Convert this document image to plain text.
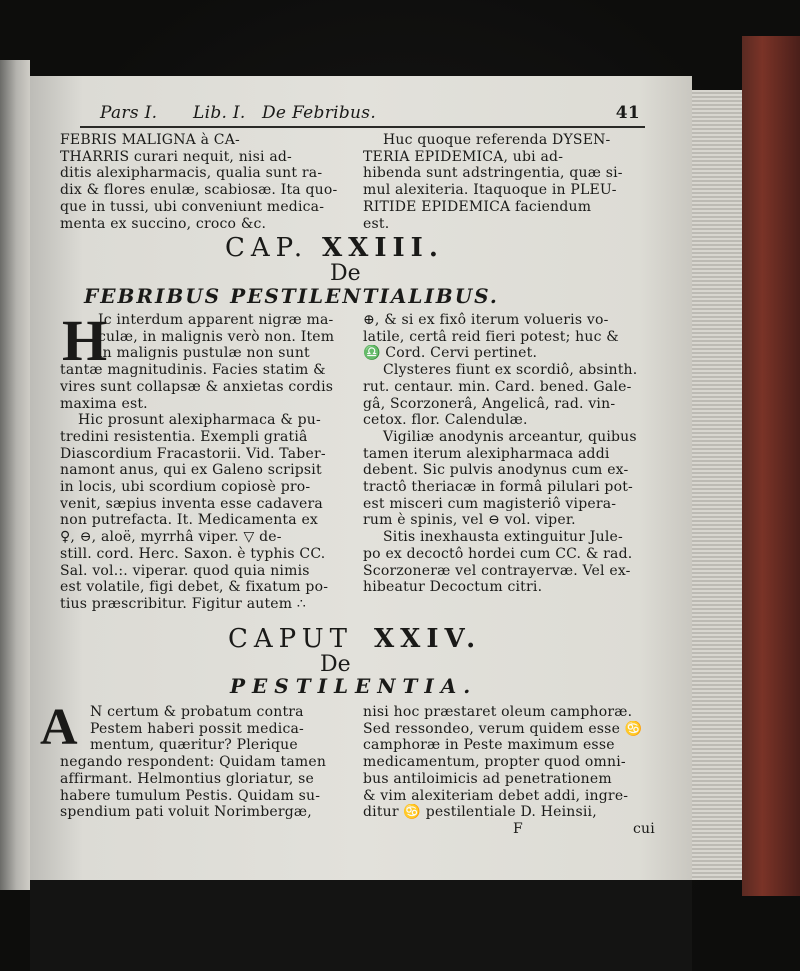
Pars I. Lib. I. De Febribus.	41
FEBRIS MALIGNA à CA-
THARRIS curari nequit, nisi ad-
ditis alexipharmacis, qualia sunt ra-
dix & flores enulæ, scabiosæ. Ita quo-
que in tussi, ubi conveniunt medica-
menta ex succino, croco &c.
Huc quoque referenda DYSEN-
TERIA EPIDEMICA, ubi ad-
hibenda sunt adstringentia, quæ si-
mul alexiteria. Itaquoque in PLEU-
RITIDE EPIDEMICA faciendum
est.
CAP. XXIII.
De
FEBRIBUS PESTILENTIALIBUS.
H
Ic interdum apparent nigræ ma-
culæ, in malignis verò non. Item
in malignis pustulæ non sunt
tantæ magnitudinis. Facies statim &
vires sunt collapsæ & anxietas cordis
maxima est.
Hic prosunt alexipharmaca & pu-
tredini resistentia. Exempli gratiâ
Diascordium Fracastorii. Vid. Taber-
namont anus, qui ex Galeno scripsit
in locis, ubi scordium copiosè pro-
venit, sæpius inventa esse cadavera
non putrefacta. It. Medicamenta ex
♀, ⊖, aloë, myrrhâ viper. ▽ de-
still. cord. Herc. Saxon. è typhis CC.
Sal. vol.:. viperar. quod quia nimis
est volatile, figi debet, & fixatum po-
tius præscribitur. Figitur autem ∴
⊕, & si ex fixô iterum volueris vo-
latile, certâ reid fieri potest; huc &
♎ Cord. Cervi pertinet.
Clysteres fiunt ex scordiô, absinth.
rut. centaur. min. Card. bened. Gale-
gâ, Scorzonerâ, Angelicâ, rad. vin-
cetox. flor. Calendulæ.
Vigiliæ anodynis arceantur, quibus
tamen iterum alexipharmaca addi
debent. Sic pulvis anodynus cum ex-
tractô theriacæ in formâ pilulari pot-
est misceri cum magisteriô vipera-
rum è spinis, vel ⊖ vol. viper.
Sitis inexhausta extinguitur Jule-
po ex decoctô hordei cum CC. & rad.
Scorzoneræ vel contrayervæ. Vel ex-
hibeatur Decoctum citri.
CAPUT XXIV.
De
PESTILENTIA.
A N certum & probatum contra
Pestem haberi possit medica-
mentum, quæritur? Plerique
negando respondent: Quidam tamen
affirmant. Helmontius gloriatur, se
habere tumulum Pestis. Quidam su-
spendium pati voluit Norimbergæ,
nisi hoc præstaret oleum camphoræ.
Sed ressondeo, verum quidem esse ♋
camphoræ in Peste maximum esse
medicamentum, propter quod omni-
bus antiloimicis ad penetrationem
& vim alexiteriam debet addi, ingre-
ditur ♋ pestilentiale D. Heinsii,
F	cui
